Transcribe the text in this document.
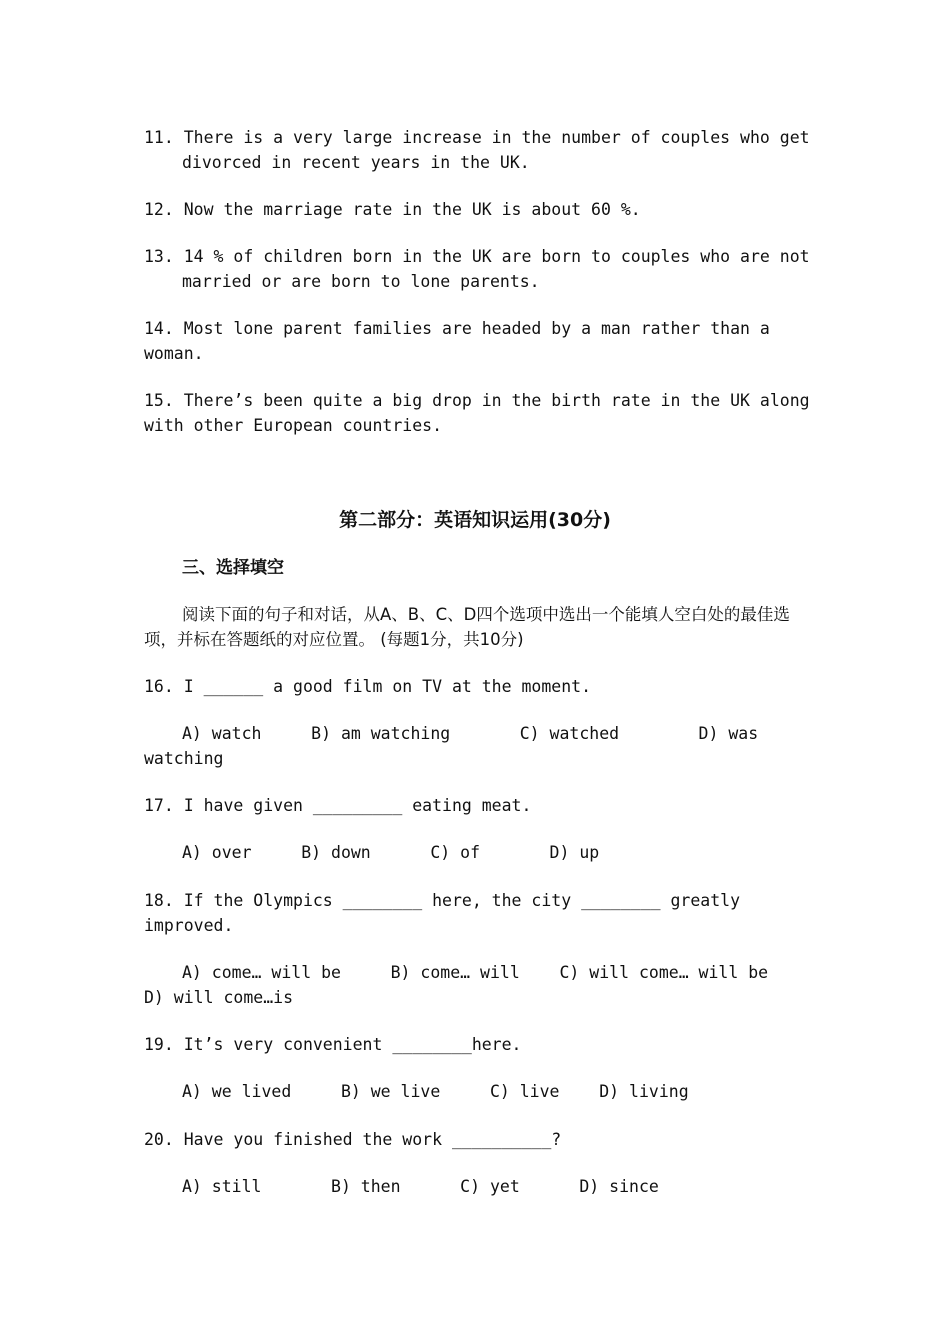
11. There is a very large increase in the number of couples who get

divorced in recent years in the UK.

12. Now the marriage rate in the UK is about 60 %.

13. 14 % of children born in the UK are born to couples who are not

married or are born to lone parents.

14. Most lone parent families are headed by a man rather than a

woman.

15. There’s been quite a big drop in the birth rate in the UK along

with other European countries.

第二部分：英语知识运用(30分)
三、选择填空

阅读下面的句子和对话，从A、B、C、D四个选项中选出一个能填人空白处的最佳选项，并标在答题纸的对应位置。 (每题1分，共10分)

16. I ______ a good film on TV at the moment.

A) watch     B) am watching       C) watched        D) was

watching

17. I have given _________ eating meat.

A) over     B) down      C) of       D) up

18. If the Olympics ________ here, the city ________ greatly

improved.

A) come… will be     B) come… will    C) will come… will be

D) will come…is

19. It’s very convenient ________here.

A) we lived     B) we live     C) live    D) living

20. Have you finished the work __________?

A) still       B) then      C) yet      D) since
